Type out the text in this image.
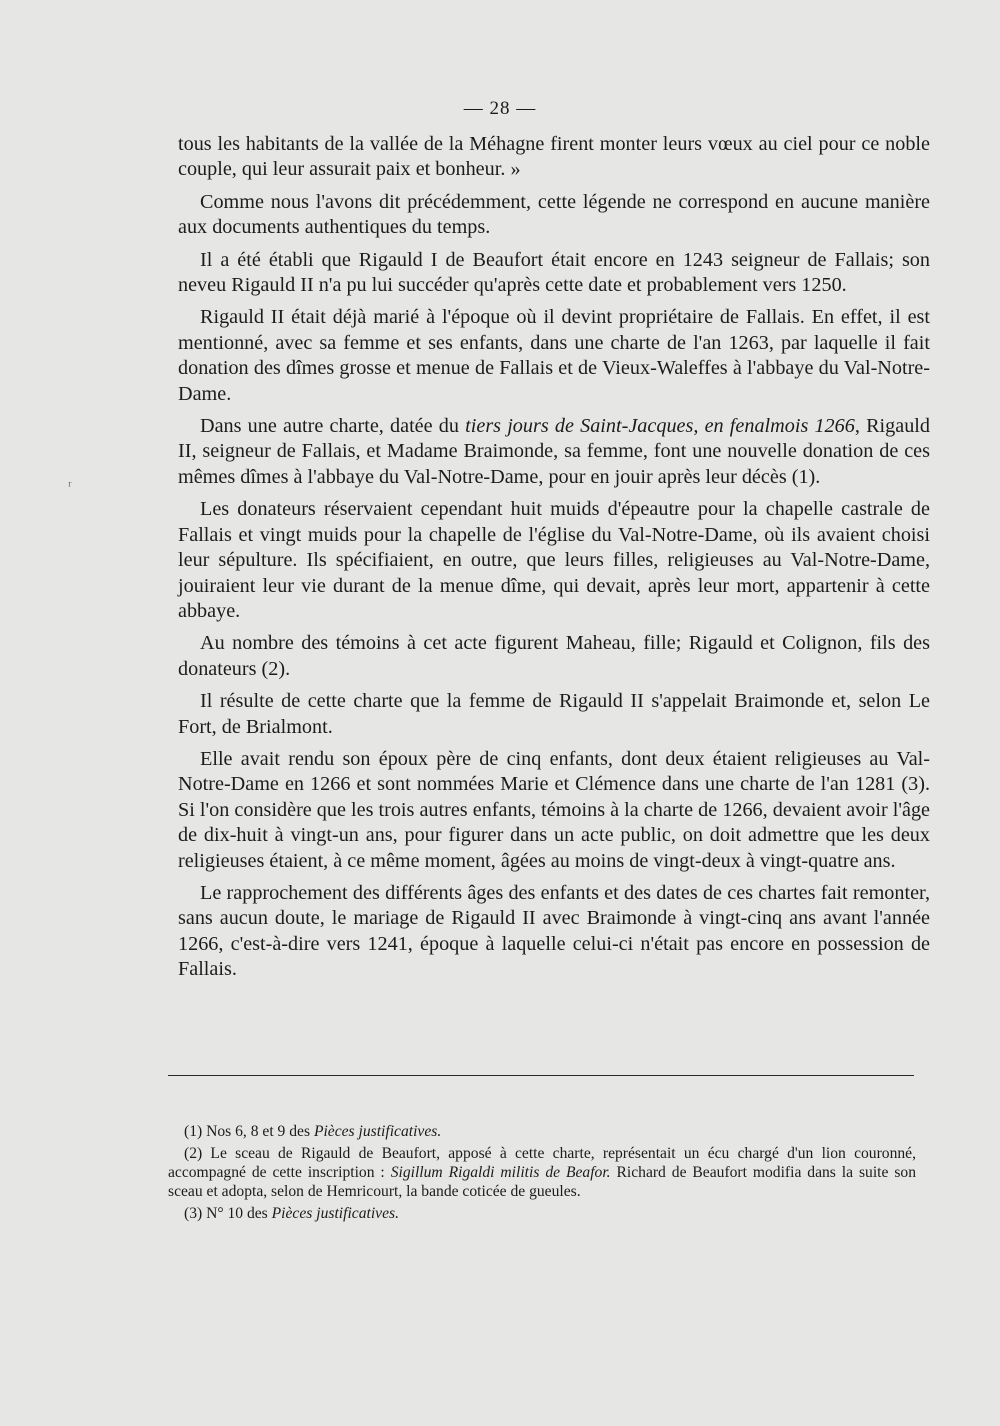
— 28 —
ʳ

tous les habitants de la vallée de la Méhagne firent monter leurs vœux au ciel pour ce noble couple, qui leur assurait paix et bonheur. »

Comme nous l'avons dit précédemment, cette légende ne correspond en aucune manière aux documents authentiques du temps.

Il a été établi que Rigauld I de Beaufort était encore en 1243 seigneur de Fallais; son neveu Rigauld II n'a pu lui succéder qu'après cette date et probablement vers 1250.

Rigauld II était déjà marié à l'époque où il devint propriétaire de Fallais. En effet, il est mentionné, avec sa femme et ses enfants, dans une charte de l'an 1263, par laquelle il fait donation des dîmes grosse et menue de Fallais et de Vieux-Waleffes à l'abbaye du Val-Notre-Dame.

Dans une autre charte, datée du tiers jours de Saint-Jacques, en fenalmois 1266, Rigauld II, seigneur de Fallais, et Madame Braimonde, sa femme, font une nouvelle donation de ces mêmes dîmes à l'abbaye du Val-Notre-Dame, pour en jouir après leur décès (1).

Les donateurs réservaient cependant huit muids d'épeautre pour la chapelle castrale de Fallais et vingt muids pour la chapelle de l'église du Val-Notre-Dame, où ils avaient choisi leur sépulture. Ils spécifiaient, en outre, que leurs filles, religieuses au Val-Notre-Dame, jouiraient leur vie durant de la menue dîme, qui devait, après leur mort, appartenir à cette abbaye.

Au nombre des témoins à cet acte figurent Maheau, fille; Rigauld et Colignon, fils des donateurs (2).

Il résulte de cette charte que la femme de Rigauld II s'appelait Braimonde et, selon Le Fort, de Brialmont.

Elle avait rendu son époux père de cinq enfants, dont deux étaient religieuses au Val-Notre-Dame en 1266 et sont nommées Marie et Clémence dans une charte de l'an 1281 (3). Si l'on considère que les trois autres enfants, témoins à la charte de 1266, devaient avoir l'âge de dix-huit à vingt-un ans, pour figurer dans un acte public, on doit admettre que les deux religieuses étaient, à ce même moment, âgées au moins de vingt-deux à vingt-quatre ans.

Le rapprochement des différents âges des enfants et des dates de ces chartes fait remonter, sans aucun doute, le mariage de Rigauld II avec Braimonde à vingt-cinq ans avant l'année 1266, c'est-à-dire vers 1241, époque à laquelle celui-ci n'était pas encore en possession de Fallais.

(1) Nos 6, 8 et 9 des Pièces justificatives.

(2) Le sceau de Rigauld de Beaufort, apposé à cette charte, représentait un écu chargé d'un lion couronné, accompagné de cette inscription : Sigillum Rigaldi militis de Beafor. Richard de Beaufort modifia dans la suite son sceau et adopta, selon de Hemricourt, la bande coticée de gueules.

(3) N° 10 des Pièces justificatives.
